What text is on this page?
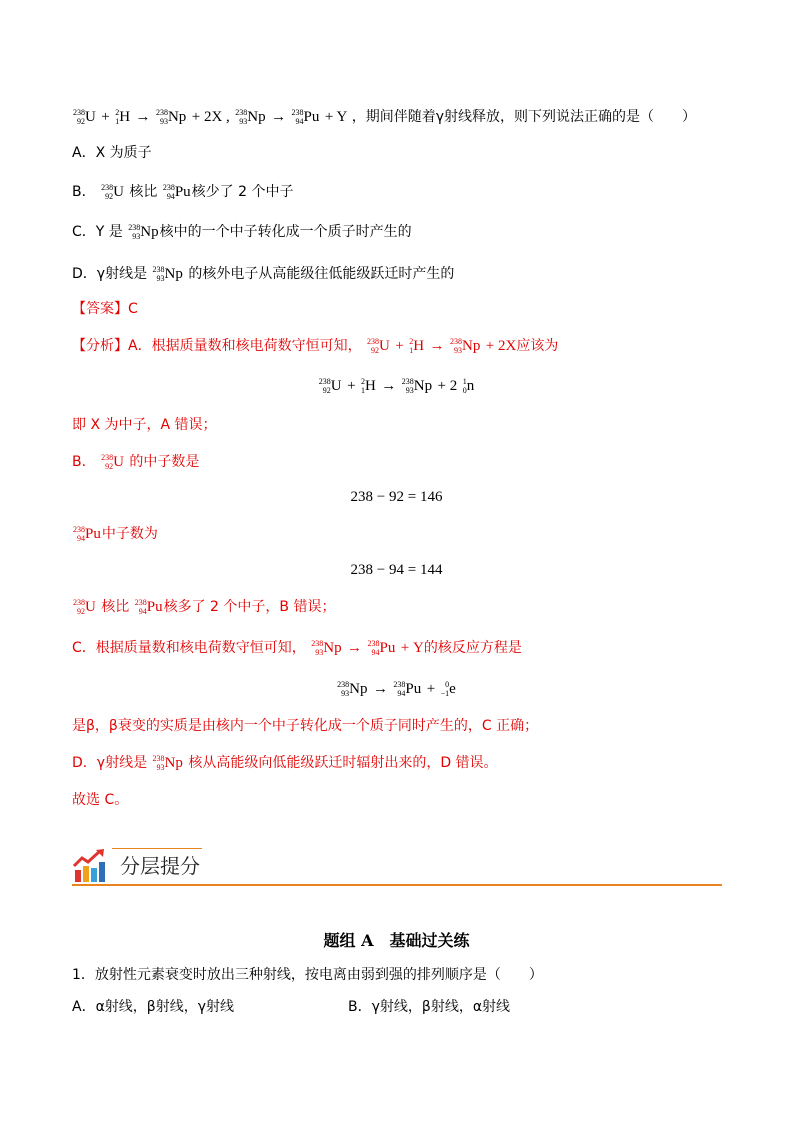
238
92 U + 2
1 H → 238
93 Np + 2X , 238
93 Np → 238
94 Pu + Y ，期间伴随着γ射线释放，则下列说法正确的是（　　）
A．X 为质子
B． 238
92 U 核比 238
94 Pu核少了 2 个中子
C．Y 是 238
93 Np核中的一个中子转化成一个质子时产生的
D．γ射线是 238
93 Np 的核外电子从高能级往低能级跃迁时产生的
【答案】C
【分析】A．根据质量数和核电荷数守恒可知， 238
92 U + 2
1 H → 238
93 Np + 2X应该为
238
92 U + 2
1 H → 238
93 Np + 2 1
0 n
即 X 为中子，A 错误；
B． 238
92 U 的中子数是
238 − 92 = 146
238
94 Pu中子数为
238 − 94 = 144
238
92 U 核比 238
94 Pu核多了 2 个中子，B 错误；
C．根据质量数和核电荷数守恒可知， 238
93 Np → 238
94 Pu + Y的核反应方程是
238
93 Np → 238
94 Pu +	0
−1 e
是β，β衰变的实质是由核内一个中子转化成一个质子同时产生的，C 正确；
D．γ射线是 238
93 Np 核从高能级向低能级跃迁时辐射出来的，D 错误。
故选 C。
分层提分
题组 A　基础过关练
1．放射性元素衰变时放出三种射线，按电离由弱到强的排列顺序是（　　）
A．α射线，β射线，γ射线	B．γ射线，β射线，α射线
